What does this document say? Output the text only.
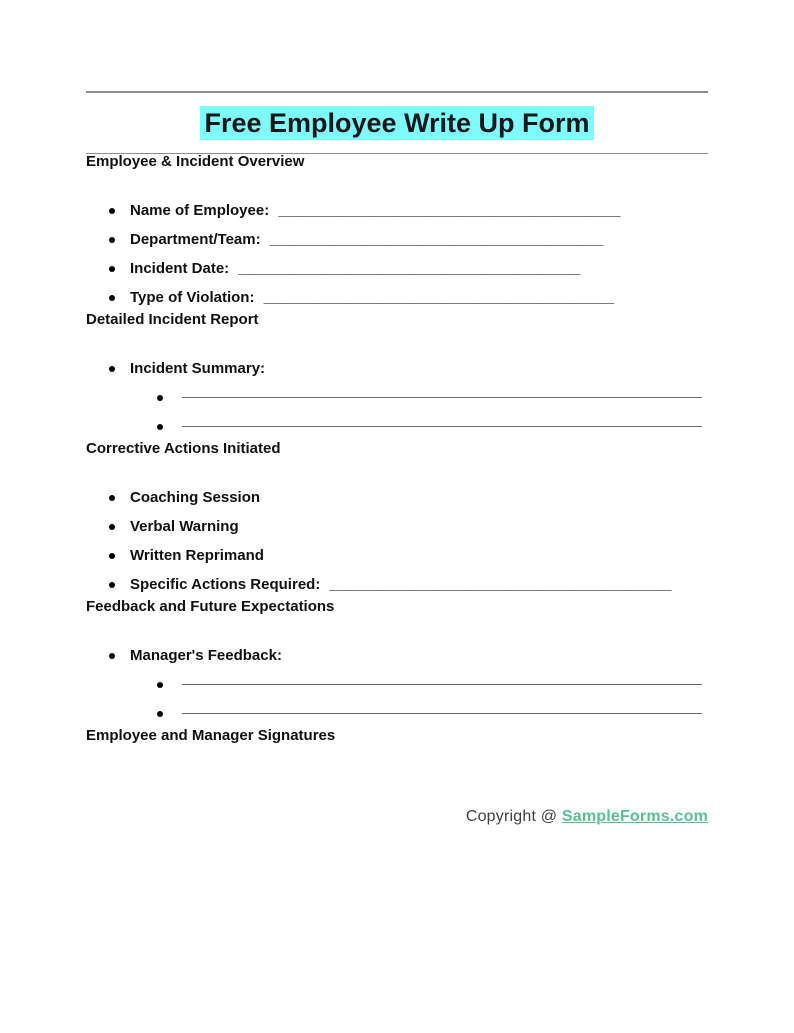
Free Employee Write Up Form
Employee & Incident Overview
Name of Employee: _________________________________________
Department/Team: ________________________________________
Incident Date: _________________________________________
Type of Violation: __________________________________________
Detailed Incident Report
Incident Summary:
Corrective Actions Initiated
Coaching Session
Verbal Warning
Written Reprimand
Specific Actions Required: _________________________________________
Feedback and Future Expectations
Manager's Feedback:
Employee and Manager Signatures
Copyright @ SampleForms.com
